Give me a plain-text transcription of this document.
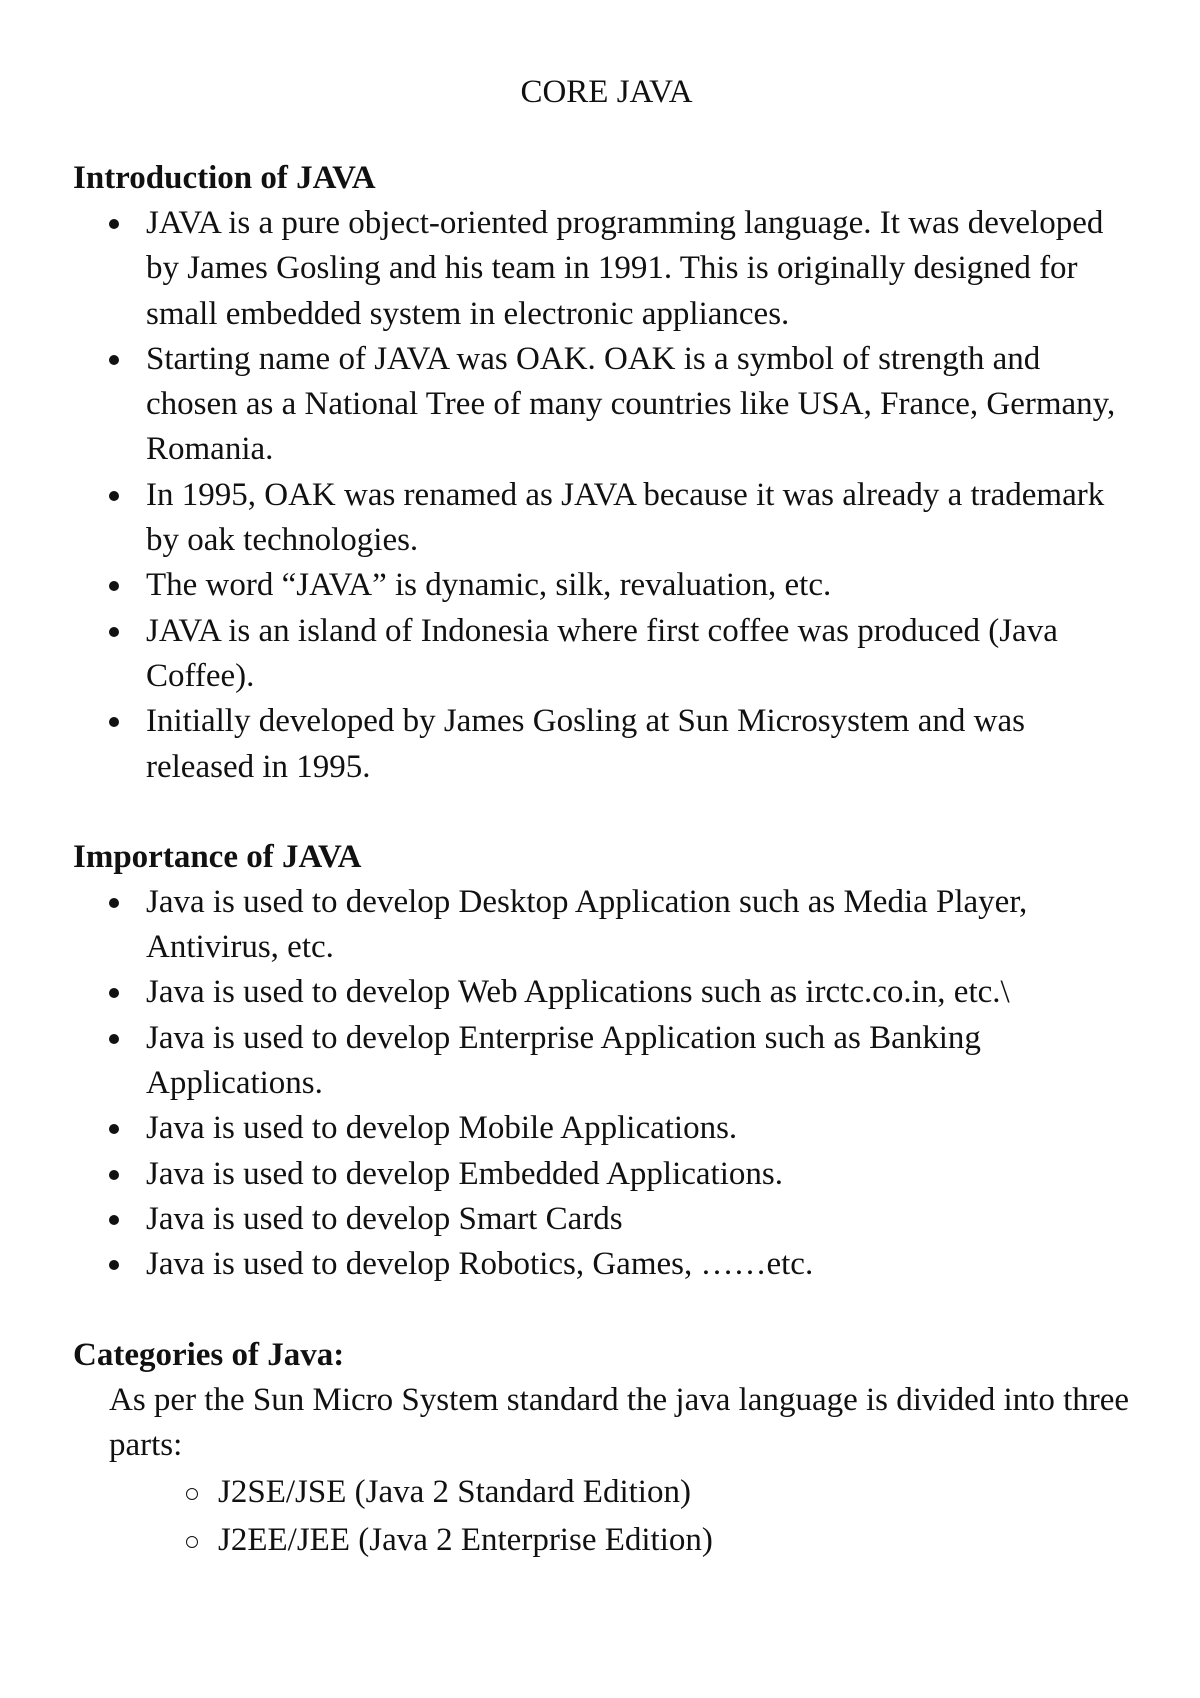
CORE JAVA
Introduction of JAVA
JAVA is a pure object-oriented programming language. It was developed by James Gosling and his team in 1991. This is originally designed for small embedded system in electronic appliances.
Starting name of JAVA was OAK. OAK is a symbol of strength and chosen as a National Tree of many countries like USA, France, Germany, Romania.
In 1995, OAK was renamed as JAVA because it was already a trademark by oak technologies.
The word “JAVA” is dynamic, silk, revaluation, etc.
JAVA is an island of Indonesia where first coffee was produced (Java Coffee).
Initially developed by James Gosling at Sun Microsystem and was released in 1995.
Importance of JAVA
Java is used to develop Desktop Application such as Media Player, Antivirus, etc.
Java is used to develop Web Applications such as irctc.co.in, etc.\
Java is used to develop Enterprise Application such as Banking Applications.
Java is used to develop Mobile Applications.
Java is used to develop Embedded Applications.
Java is used to develop Smart Cards
Java is used to develop Robotics, Games, ……etc.
Categories of Java:

As per the Sun Micro System standard the java language is divided into three parts:

J2SE/JSE (Java 2 Standard Edition)
J2EE/JEE (Java 2 Enterprise Edition)
